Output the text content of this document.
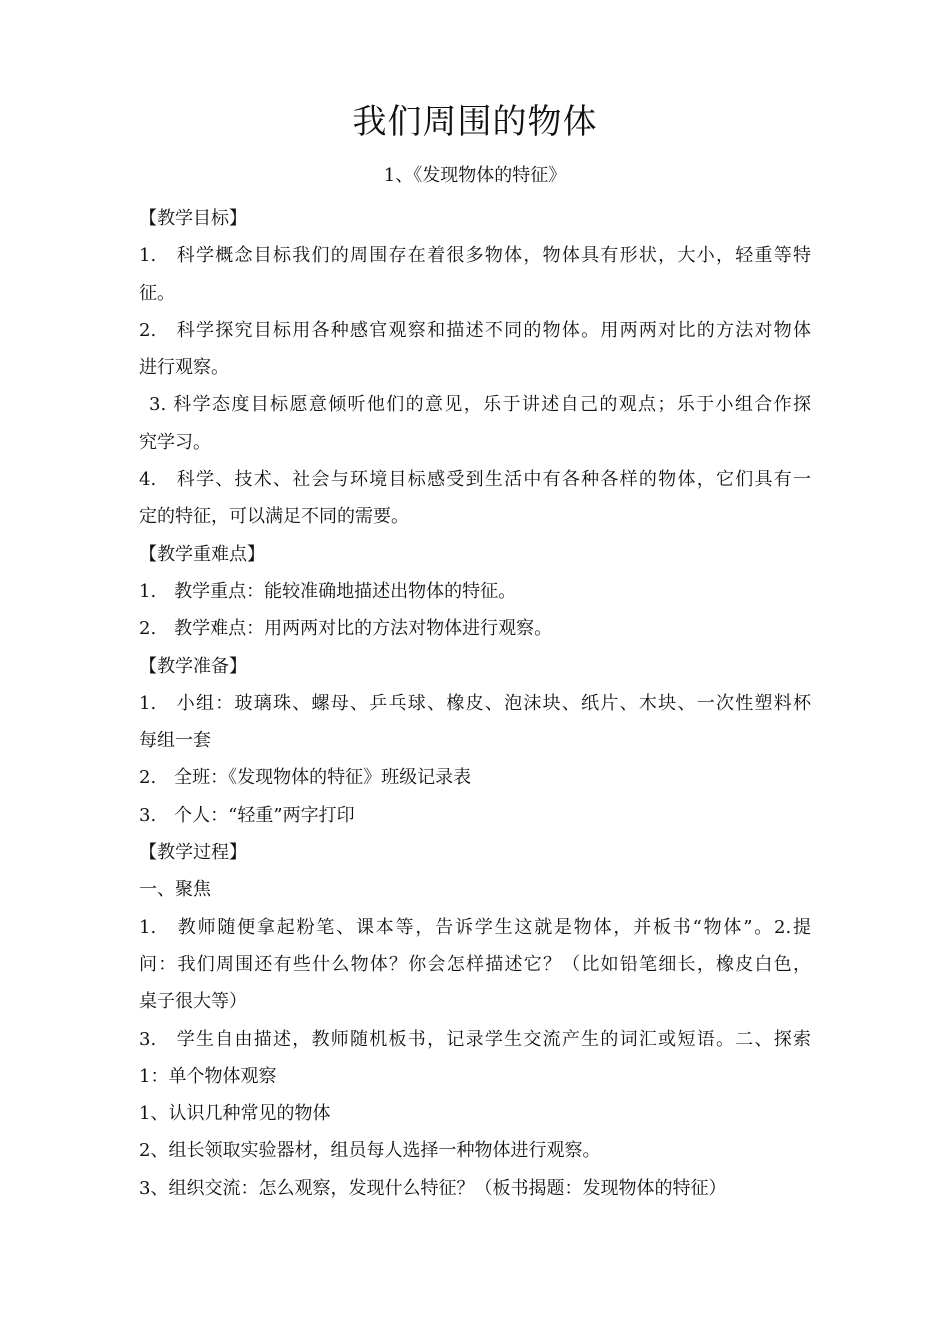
我们周围的物体
1、《发现物体的特征》
【教学目标】
1.　科学概念目标我们的周围存在着很多物体，物体具有形状，大小，轻重等特
征。
2.　科学探究目标用各种感官观察和描述不同的物体。用两两对比的方法对物体
进行观察。
3. 科学态度目标愿意倾听他们的意见，乐于讲述自己的观点；乐于小组合作探
究学习。
4.　科学、技术、社会与环境目标感受到生活中有各种各样的物体，它们具有一
定的特征，可以满足不同的需要。
【教学重难点】
1.　教学重点：能较准确地描述出物体的特征。
2.　教学难点：用两两对比的方法对物体进行观察。
【教学准备】
1.　小组：玻璃珠、螺母、乒乓球、橡皮、泡沫块、纸片、木块、一次性塑料杯
每组一套
2.　全班：《发现物体的特征》班级记录表
3.　个人：“轻重”两字打印
【教学过程】
一、聚焦
1.　教师随便拿起粉笔、课本等，告诉学生这就是物体，并板书“物体”。2.提
问：我们周围还有些什么物体？你会怎样描述它？（比如铅笔细长，橡皮白色，
桌子很大等）
3.　学生自由描述，教师随机板书，记录学生交流产生的词汇或短语。二、探索
1：单个物体观察
1、认识几种常见的物体
2、组长领取实验器材，组员每人选择一种物体进行观察。
3、组织交流：怎么观察，发现什么特征？（板书揭题：发现物体的特征）
